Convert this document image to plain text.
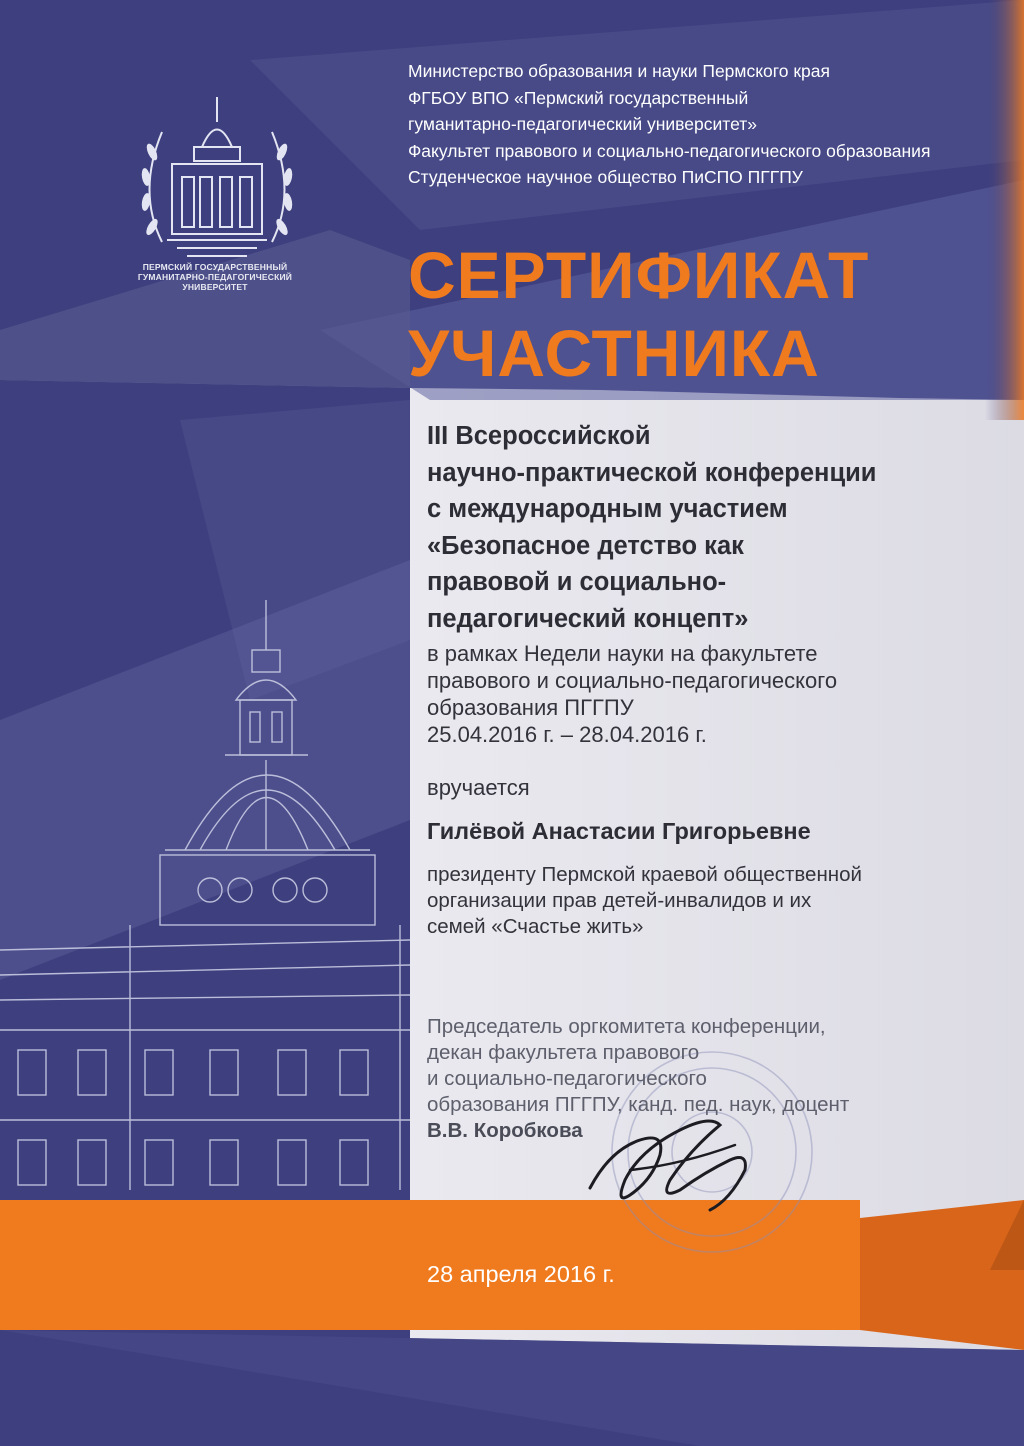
ПЕРМСКИЙ ГОСУДАРСТВЕННЫЙ
ГУМАНИТАРНО-ПЕДАГОГИЧЕСКИЙ
УНИВЕРСИТЕТ
Министерство образования и науки Пермского края
ФГБОУ ВПО «Пермский государственный
гуманитарно-педагогический университет»
Факультет правового и социально-педагогического образования
Студенческое научное общество ПиСПО ПГГПУ
СЕРТИФИКАТ
УЧАСТНИКА
III Всероссийской
научно-практической конференции
с международным участием
«Безопасное детство как
правовой и социально-
педагогический концепт»
в рамках Недели науки на факультете
правового и социально-педагогического
образования ПГГПУ
25.04.2016 г. – 28.04.2016 г.
вручается
Гилёвой Анастасии Григорьевне
президенту Пермской краевой общественной
организации прав детей-инвалидов и их
семей «Счастье жить»
Председатель оргкомитета конференции,
декан факультета правового
и социально-педагогического
образования ПГГПУ, канд. пед. наук, доцент
В.В. Коробкова
28 апреля 2016 г.
